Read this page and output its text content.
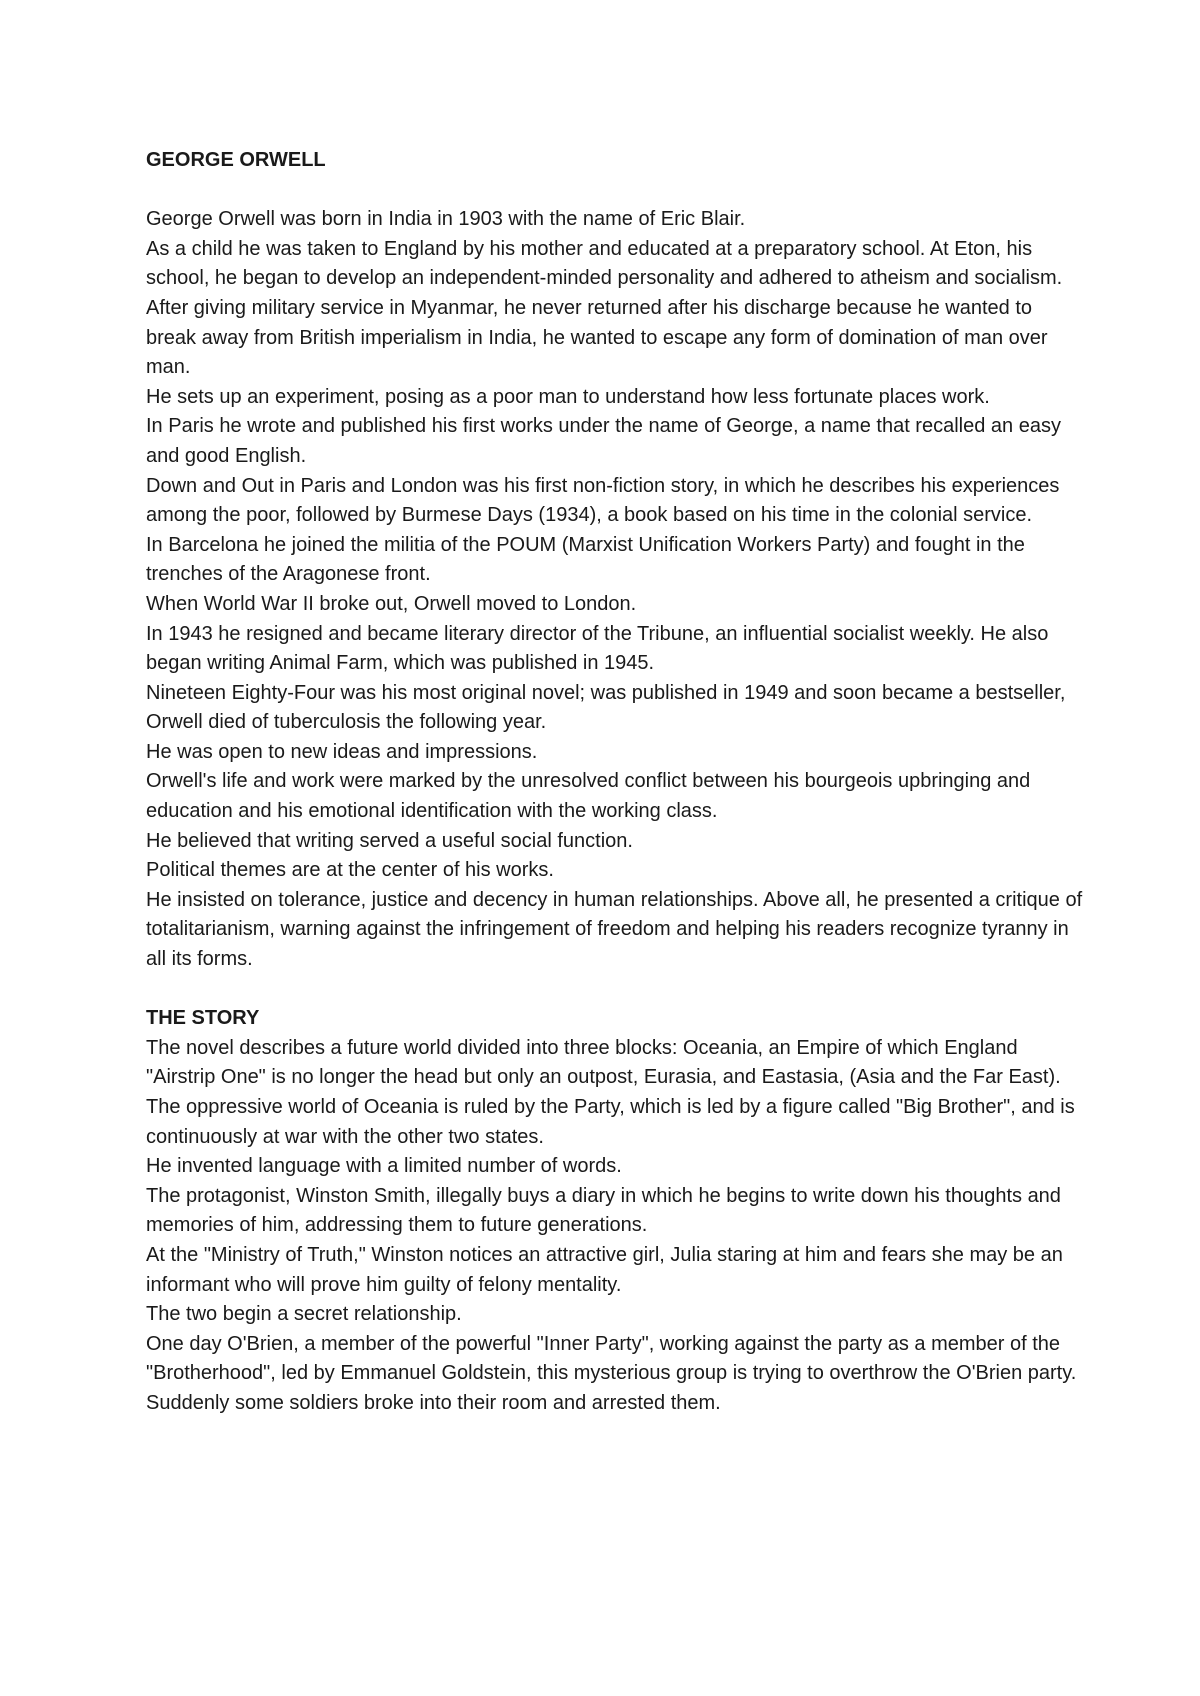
GEORGE ORWELL

George Orwell was born in India in 1903 with the name of Eric Blair.

As a child he was taken to England by his mother and educated at a preparatory school. At Eton, his school, he began to develop an independent-minded personality and adhered to atheism and socialism.

After giving military service in Myanmar, he never returned after his discharge because he wanted to break away from British imperialism in India, he wanted to escape any form of domination of man over man.

He sets up an experiment, posing as a poor man to understand how less fortunate places work.

In Paris he wrote and published his first works under the name of George, a name that recalled an easy and good English.

Down and Out in Paris and London was his first non-fiction story, in which he describes his experiences among the poor, followed by Burmese Days (1934), a book based on his time in the colonial service.

In Barcelona he joined the militia of the POUM (Marxist Unification Workers Party) and fought in the trenches of the Aragonese front.

When World War II broke out, Orwell moved to London.

In 1943 he resigned and became literary director of the Tribune, an influential socialist weekly. He also began writing Animal Farm, which was published in 1945.

Nineteen Eighty-Four was his most original novel; was published in 1949 and soon became a bestseller, Orwell died of tuberculosis the following year.

He was open to new ideas and impressions.

Orwell's life and work were marked by the unresolved conflict between his bourgeois upbringing and education and his emotional identification with the working class.

He believed that writing served a useful social function.

Political themes are at the center of his works.

He insisted on tolerance, justice and decency in human relationships. Above all, he presented a critique of totalitarianism, warning against the infringement of freedom and helping his readers recognize tyranny in all its forms.

THE STORY

The novel describes a future world divided into three blocks: Oceania, an Empire of which England "Airstrip One" is no longer the head but only an outpost, Eurasia, and Eastasia, (Asia and the Far East).

The oppressive world of Oceania is ruled by the Party, which is led by a figure called "Big Brother", and is continuously at war with the other two states.

He invented language with a limited number of words.

The protagonist, Winston Smith, illegally buys a diary in which he begins to write down his thoughts and memories of him, addressing them to future generations.

At the "Ministry of Truth," Winston notices an attractive girl, Julia staring at him and fears she may be an informant who will prove him guilty of felony mentality.

The two begin a secret relationship.

One day O'Brien, a member of the powerful "Inner Party", working against the party as a member of the "Brotherhood", led by Emmanuel Goldstein, this mysterious group is trying to overthrow the O'Brien party.

Suddenly some soldiers broke into their room and arrested them.
